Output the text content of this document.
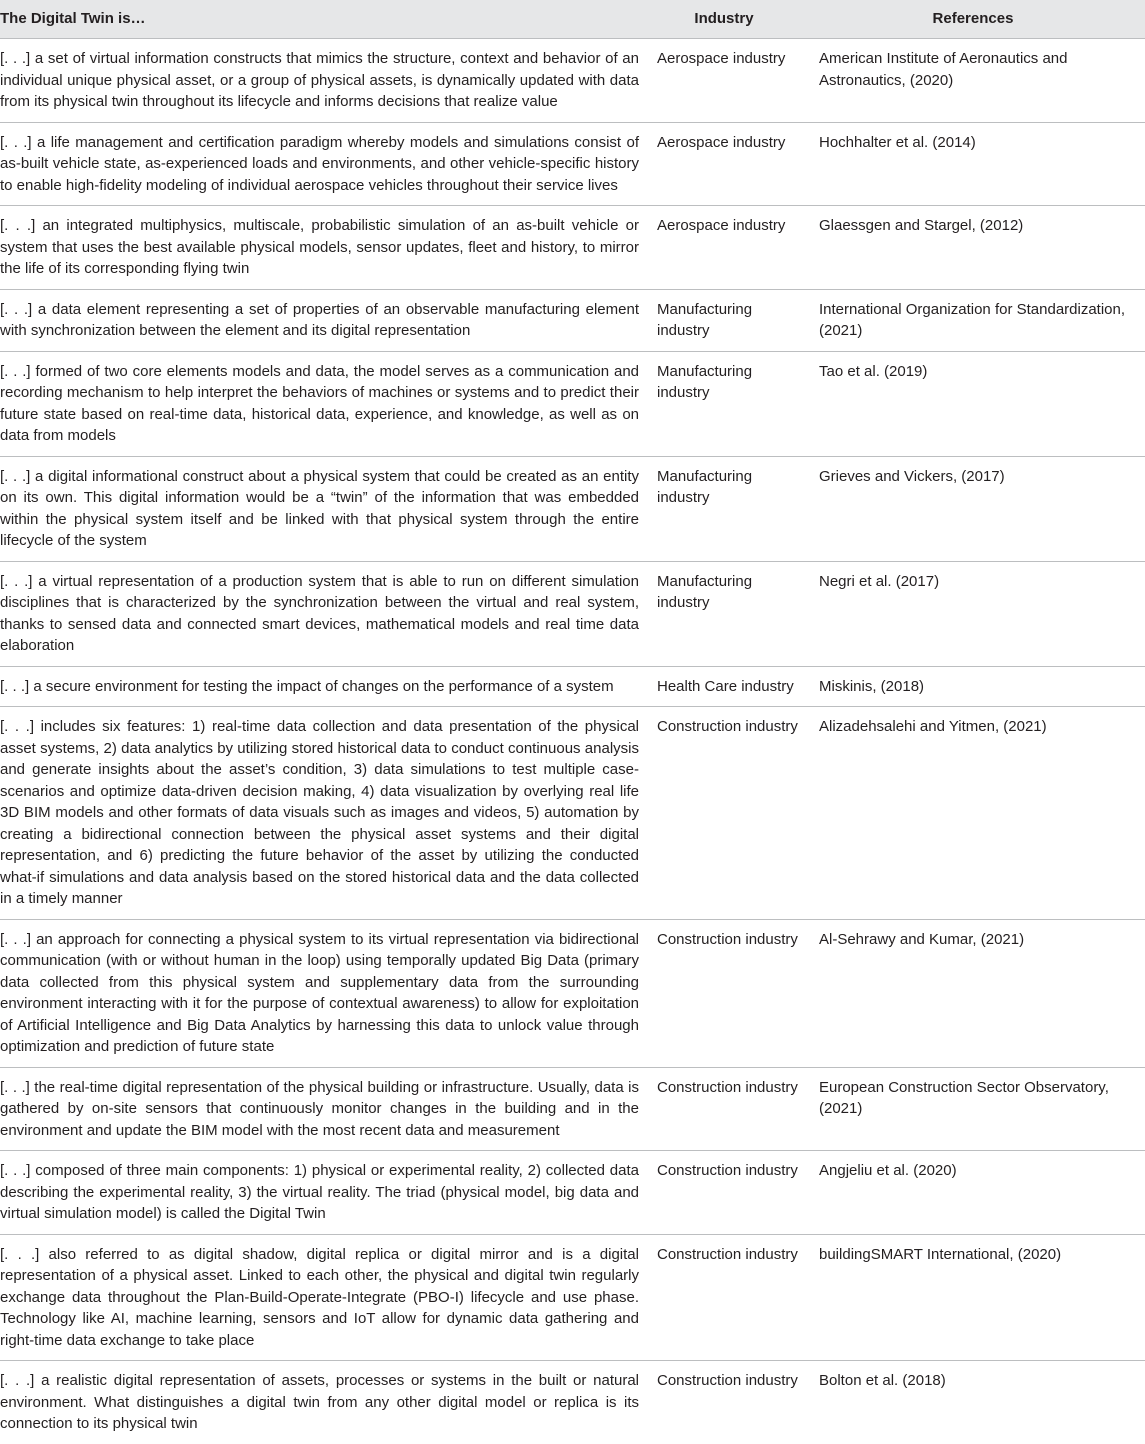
The Digital Twin is…	Industry	References
[. . .] a set of virtual information constructs that mimics the structure, context and behavior of an individual unique physical asset, or a group of physical assets, is dynamically updated with data from its physical twin throughout its lifecycle and informs decisions that realize value	Aerospace industry	American Institute of Aeronautics and Astronautics, (2020)
[. . .] a life management and certification paradigm whereby models and simulations consist of as-built vehicle state, as-experienced loads and environments, and other vehicle-specific history to enable high-fidelity modeling of individual aerospace vehicles throughout their service lives	Aerospace industry	Hochhalter et al. (2014)
[. . .] an integrated multiphysics, multiscale, probabilistic simulation of an as-built vehicle or system that uses the best available physical models, sensor updates, fleet and history, to mirror the life of its corresponding flying twin	Aerospace industry	Glaessgen and Stargel, (2012)
[. . .] a data element representing a set of properties of an observable manufacturing element with synchronization between the element and its digital representation	Manufacturing industry	International Organization for Standardization, (2021)
[. . .] formed of two core elements models and data, the model serves as a communication and recording mechanism to help interpret the behaviors of machines or systems and to predict their future state based on real-time data, historical data, experience, and knowledge, as well as on data from models	Manufacturing industry	Tao et al. (2019)
[. . .] a digital informational construct about a physical system that could be created as an entity on its own. This digital information would be a “twin” of the information that was embedded within the physical system itself and be linked with that physical system through the entire lifecycle of the system	Manufacturing industry	Grieves and Vickers, (2017)
[. . .] a virtual representation of a production system that is able to run on different simulation disciplines that is characterized by the synchronization between the virtual and real system, thanks to sensed data and connected smart devices, mathematical models and real time data elaboration	Manufacturing industry	Negri et al. (2017)
[. . .] a secure environment for testing the impact of changes on the performance of a system	Health Care industry	Miskinis, (2018)
[. . .] includes six features: 1) real-time data collection and data presentation of the physical asset systems, 2) data analytics by utilizing stored historical data to conduct continuous analysis and generate insights about the asset’s condition, 3) data simulations to test multiple case-scenarios and optimize data-driven decision making, 4) data visualization by overlying real life 3D BIM models and other formats of data visuals such as images and videos, 5) automation by creating a bidirectional connection between the physical asset systems and their digital representation, and 6) predicting the future behavior of the asset by utilizing the conducted what-if simulations and data analysis based on the stored historical data and the data collected in a timely manner	Construction industry	Alizadehsalehi and Yitmen, (2021)
[. . .] an approach for connecting a physical system to its virtual representation via bidirectional communication (with or without human in the loop) using temporally updated Big Data (primary data collected from this physical system and supplementary data from the surrounding environment interacting with it for the purpose of contextual awareness) to allow for exploitation of Artificial Intelligence and Big Data Analytics by harnessing this data to unlock value through optimization and prediction of future state	Construction industry	Al-Sehrawy and Kumar, (2021)
[. . .] the real-time digital representation of the physical building or infrastructure. Usually, data is gathered by on-site sensors that continuously monitor changes in the building and in the environment and update the BIM model with the most recent data and measurement	Construction industry	European Construction Sector Observatory, (2021)
[. . .] composed of three main components: 1) physical or experimental reality, 2) collected data describing the experimental reality, 3) the virtual reality. The triad (physical model, big data and virtual simulation model) is called the Digital Twin	Construction industry	Angjeliu et al. (2020)
[. . .] also referred to as digital shadow, digital replica or digital mirror and is a digital representation of a physical asset. Linked to each other, the physical and digital twin regularly exchange data throughout the Plan-Build-Operate-Integrate (PBO-I) lifecycle and use phase. Technology like AI, machine learning, sensors and IoT allow for dynamic data gathering and right-time data exchange to take place	Construction industry	buildingSMART International, (2020)
[. . .] a realistic digital representation of assets, processes or systems in the built or natural environment. What distinguishes a digital twin from any other digital model or replica is its connection to its physical twin	Construction industry	Bolton et al. (2018)
